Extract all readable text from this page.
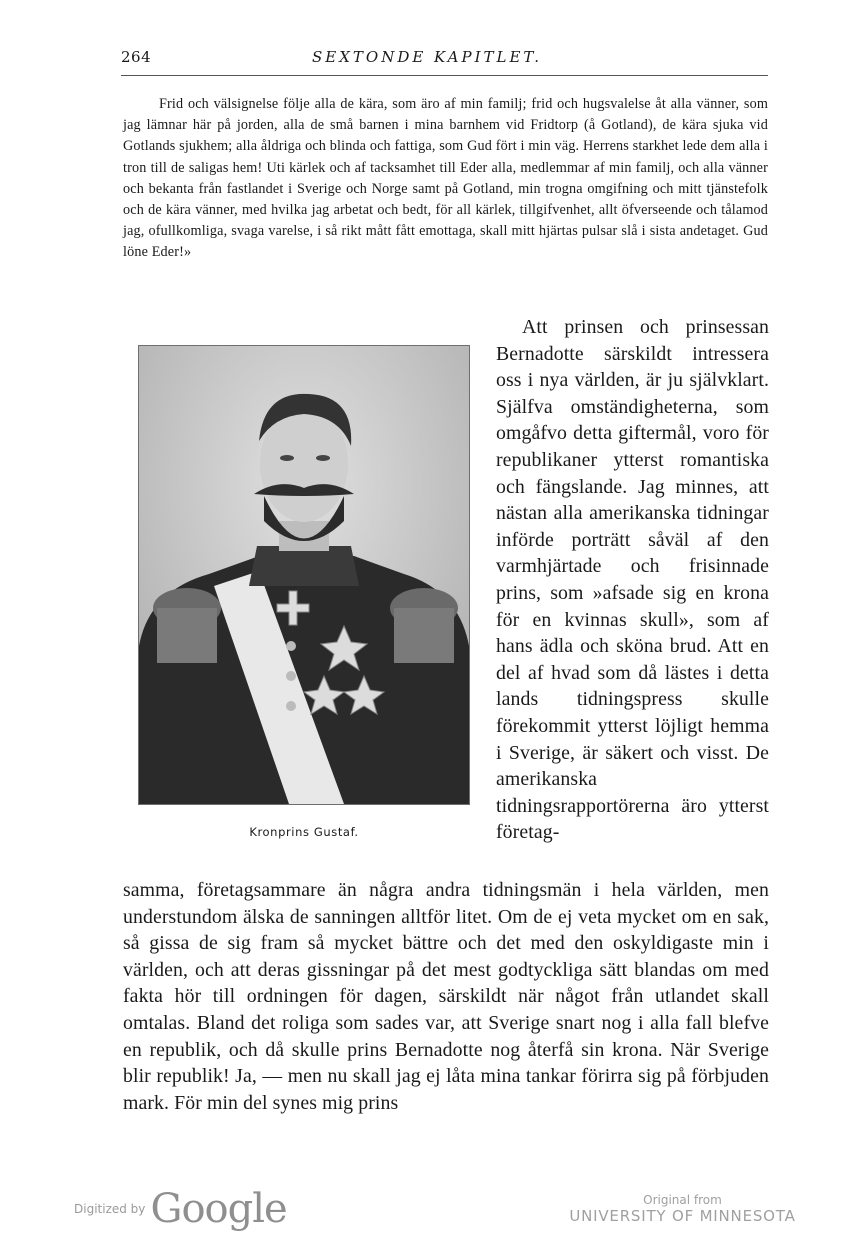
264	SEXTONDE KAPITLET.

Frid och välsignelse följe alla de kära, som äro af min familj; frid och hugsvalelse åt alla vänner, som jag lämnar här på jorden, alla de små barnen i mina barnhem vid Fridtorp (å Gotland), de kära sjuka vid Gotlands sjukhem; alla åldriga och blinda och fattiga, som Gud fört i min väg. Herrens starkhet lede dem alla i tron till de saligas hem! Uti kärlek och af tacksamhet till Eder alla, medlemmar af min familj, och alla vänner och bekanta från fastlandet i Sverige och Norge samt på Gotland, min trogna omgifning och mitt tjänstefolk och de kära vänner, med hvilka jag arbetat och bedt, för all kärlek, tillgifvenhet, allt öfverseende och tålamod jag, ofullkomliga, svaga varelse, i så rikt mått fått emottaga, skall mitt hjärtas pulsar slå i sista andetaget. Gud löne Eder!»

Kronprins Gustaf.

Att prinsen och prinsessan Bernadotte särskildt intressera oss i nya världen, är ju självklart. Själfva omständigheterna, som omgåfvo detta giftermål, voro för republikaner ytterst romantiska och fängslande. Jag minnes, att nästan alla amerikanska tidningar införde porträtt såväl af den varmhjärtade och frisinnade prins, som »afsade sig en krona för en kvinnas skull», som af hans ädla och sköna brud. Att en del af hvad som då lästes i detta lands tidningspress skulle förekommit ytterst löjligt hemma i Sverige, är säkert och visst. De amerikanska tidningsrapportörerna äro ytterst företag-

samma, företagsammare än några andra tidningsmän i hela världen, men understundom älska de sanningen alltför litet. Om de ej veta mycket om en sak, så gissa de sig fram så mycket bättre och det med den oskyldigaste min i världen, och att deras gissningar på det mest godtyckliga sätt blandas om med fakta hör till ordningen för dagen, särskildt när något från utlandet skall omtalas. Bland det roliga som sades var, att Sverige snart nog i alla fall blefve en republik, och då skulle prins Bernadotte nog återfå sin krona. När Sverige blir republik! Ja, — men nu skall jag ej låta mina tankar förirra sig på förbjuden mark. För min del synes mig prins

Digitized by Google	Original from
UNIVERSITY OF MINNESOTA
